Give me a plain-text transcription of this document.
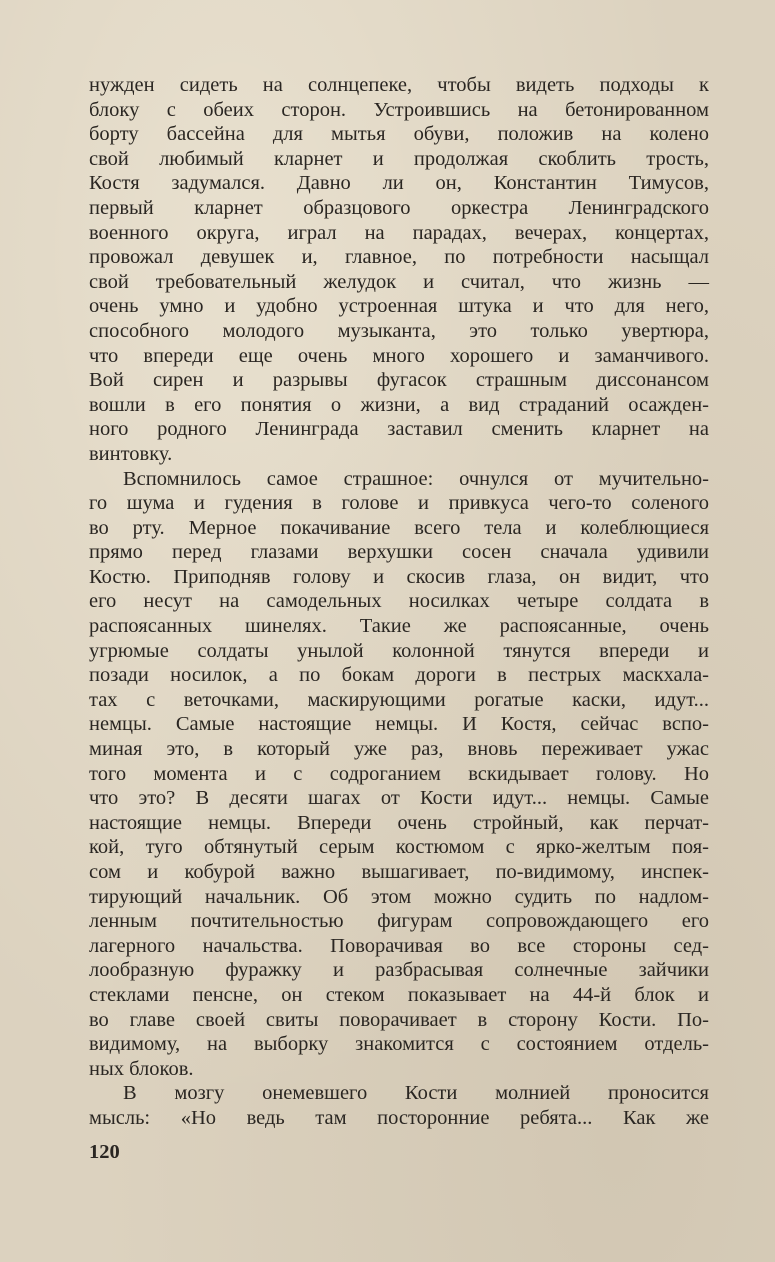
нужден сидеть на солнцепеке, чтобы видеть подходы к
блоку с обеих сторон. Устроившись на бетонированном
борту бассейна для мытья обуви, положив на колено
свой любимый кларнет и продолжая скоблить трость,
Костя задумался. Давно ли он, Константин Тимусов,
первый кларнет образцового оркестра Ленинградского
военного округа, играл на парадах, вечерах, концертах,
провожал девушек и, главное, по потребности насыщал
свой требовательный желудок и считал, что жизнь —
очень умно и удобно устроенная штука и что для него,
способного молодого музыканта, это только увертюра,
что впереди еще очень много хорошего и заманчивого.
Вой сирен и разрывы фугасок страшным диссонансом
вошли в его понятия о жизни, а вид страданий осажден-
ного родного Ленинграда заставил сменить кларнет на
винтовку.

Вспомнилось самое страшное: очнулся от мучительно-
го шума и гудения в голове и привкуса чего-то соленого
во рту. Мерное покачивание всего тела и колеблющиеся
прямо перед глазами верхушки сосен сначала удивили
Костю. Приподняв голову и скосив глаза, он видит, что
его несут на самодельных носилках четыре солдата в
распоясанных шинелях. Такие же распоясанные, очень
угрюмые солдаты унылой колонной тянутся впереди и
позади носилок, а по бокам дороги в пестрых маскхала-
тах с веточками, маскирующими рогатые каски, идут...
немцы. Самые настоящие немцы. И Костя, сейчас вспо-
миная это, в который уже раз, вновь переживает ужас
того момента и с содроганием вскидывает голову. Но
что это? В десяти шагах от Кости идут... немцы. Самые
настоящие немцы. Впереди очень стройный, как перчат-
кой, туго обтянутый серым костюмом с ярко-желтым поя-
сом и кобурой важно вышагивает, по-видимому, инспек-
тирующий начальник. Об этом можно судить по надлом-
ленным почтительностью фигурам сопровождающего его
лагерного начальства. Поворачивая во все стороны сед-
лообразную фуражку и разбрасывая солнечные зайчики
стеклами пенсне, он стеком показывает на 44-й блок и
во главе своей свиты поворачивает в сторону Кости. По-
видимому, на выборку знакомится с состоянием отдель-
ных блоков.

В мозгу онемевшего Кости молнией проносится
мысль: «Но ведь там посторонние ребята... Как же

120
